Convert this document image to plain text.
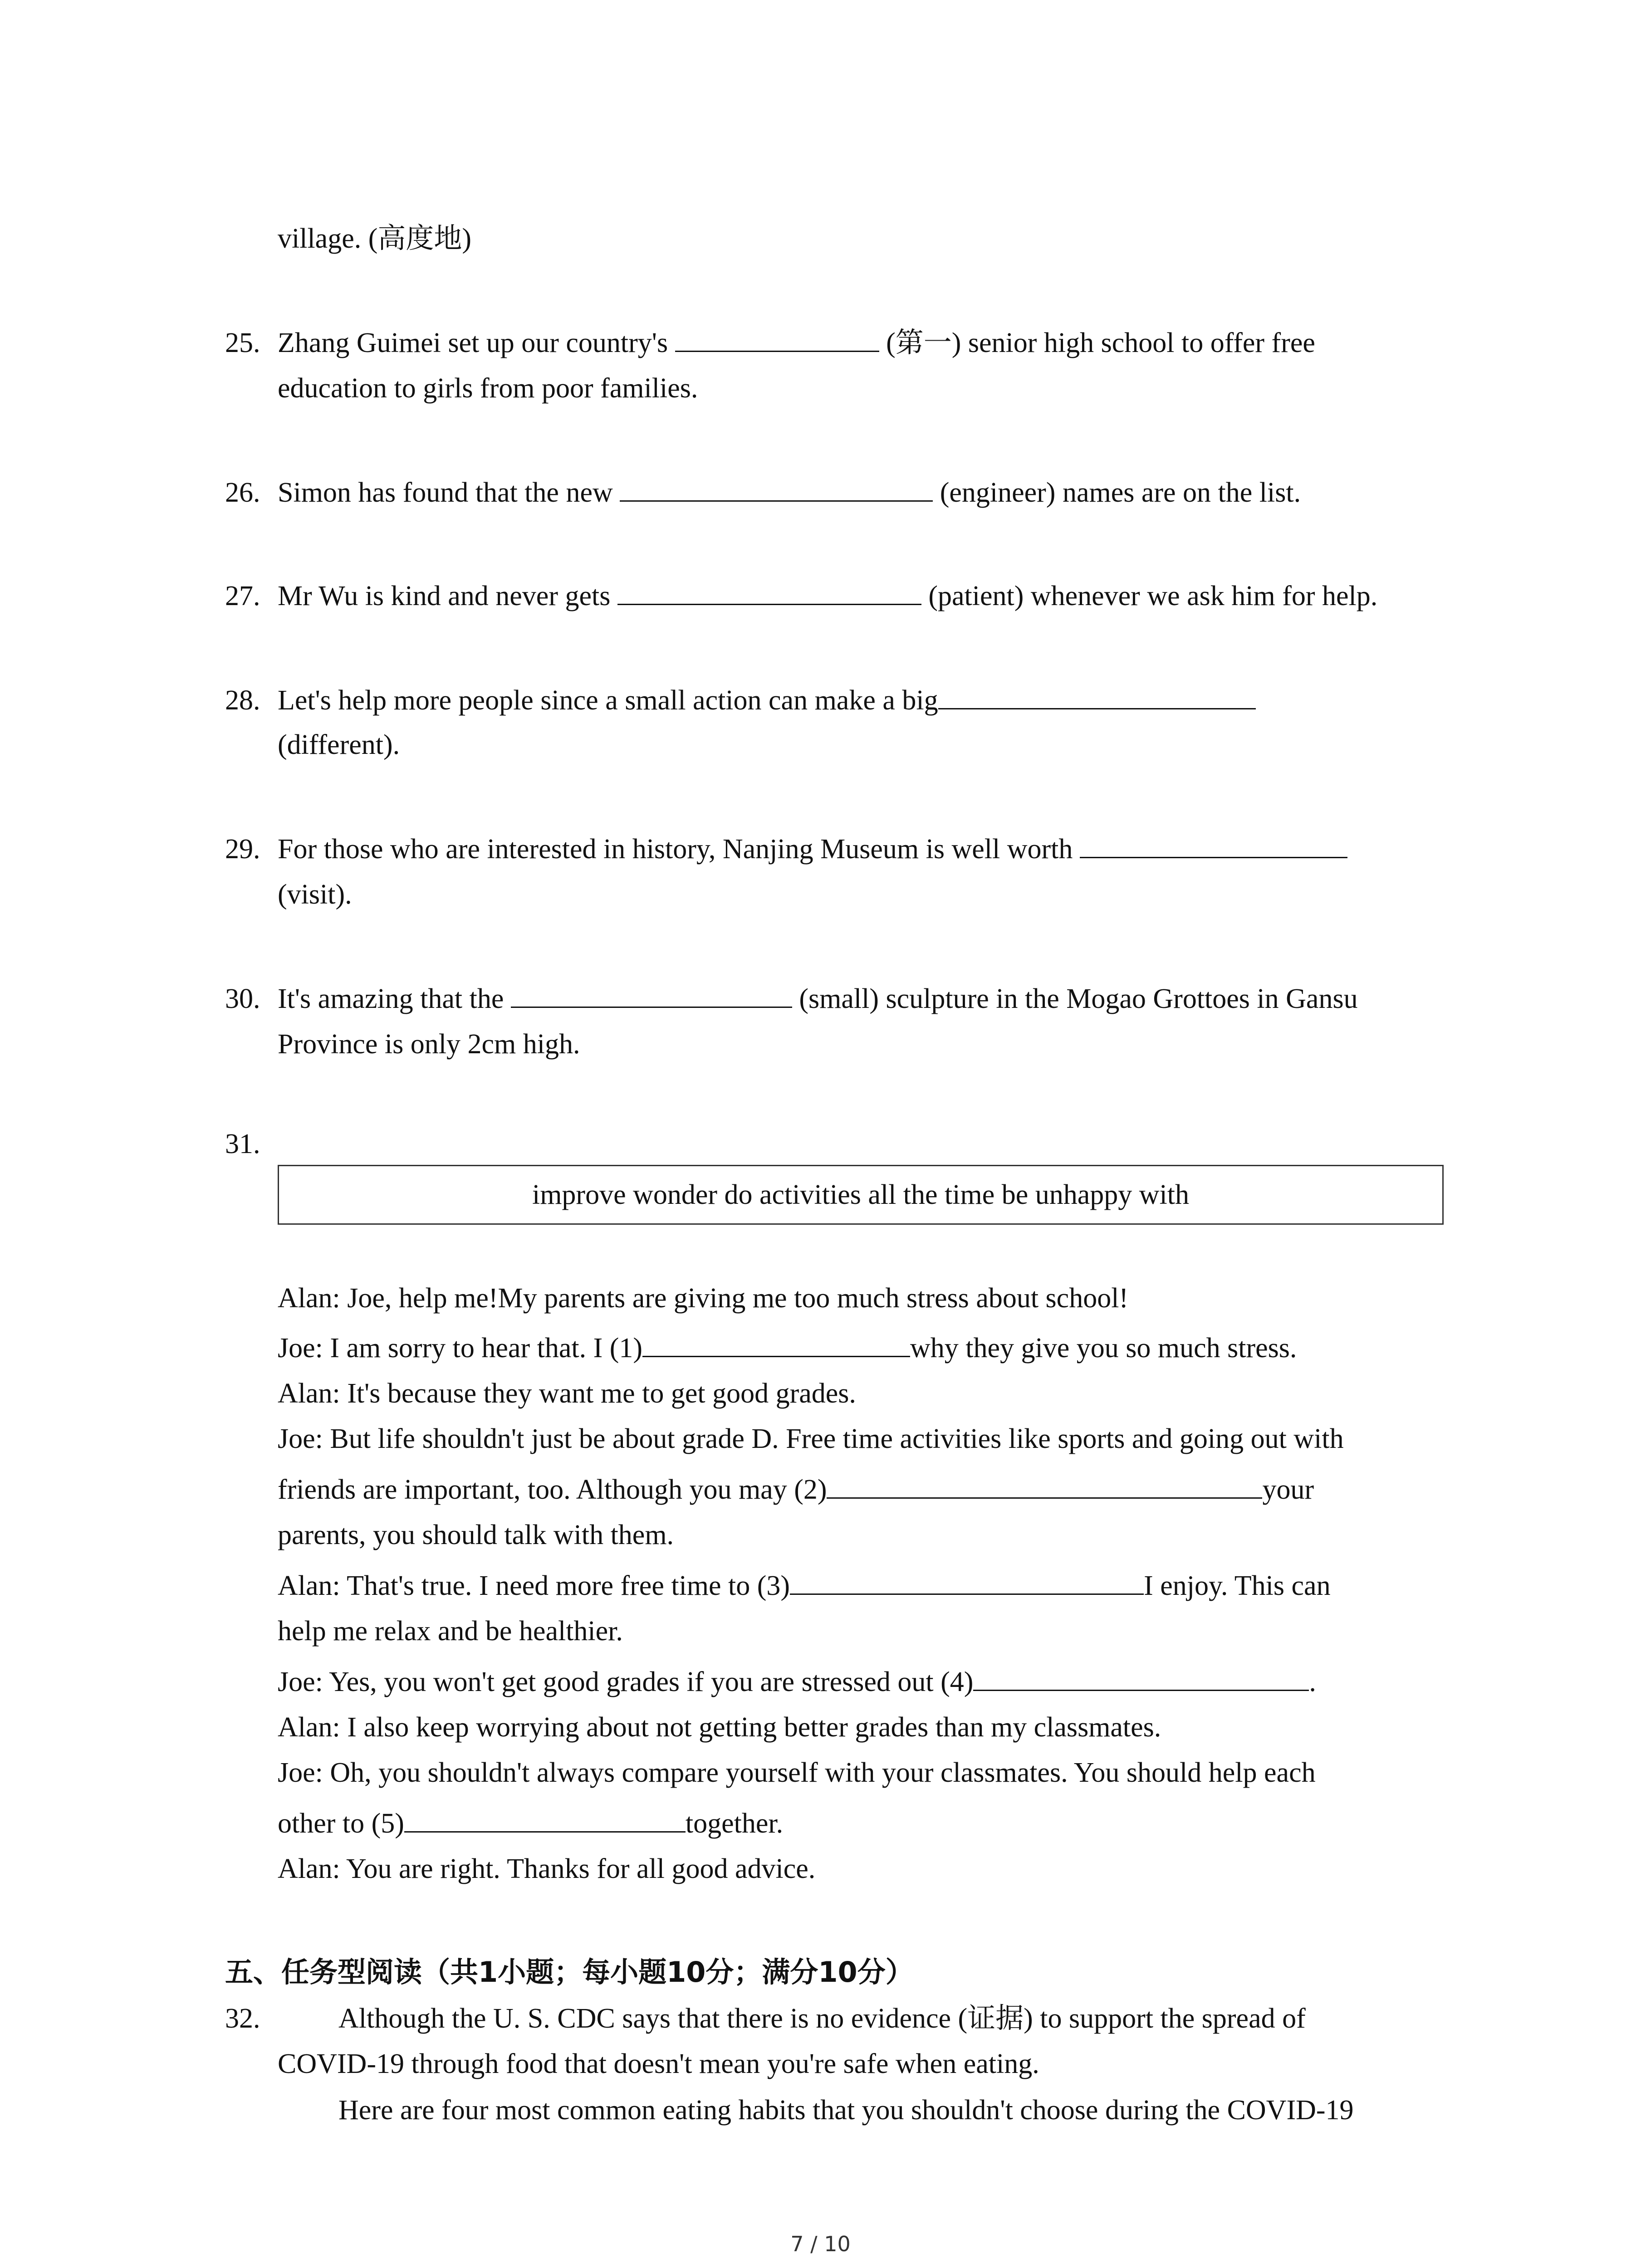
village. (高度地)
25. Zhang Guimei set up our country's	(第一) senior high school to offer free
education to girls from poor families.
26. Simon has found that the new	(engineer) names are on the list.
27. Mr Wu is kind and never gets	(patient) whenever we ask him for help.
28. Let's help more people since a small action can make a big
(different).
29. For those who are interested in history, Nanjing Museum is well worth
(visit).
30. It's amazing that the	(small) sculpture in the Mogao Grottoes in Gansu
Province is only 2cm high.
31.
improve wonder do activities all the time be unhappy with
Alan: Joe, help me!My parents are giving me too much stress about school!
Joe: I am sorry to hear that. I (1)	why they give you so much stress.
Alan: It's because they want me to get good grades.
Joe: But life shouldn't just be about grade D. Free time activities like sports and going out with
friends are important, too. Although you may (2)	your
parents, you should talk with them.
Alan: That's true. I need more free time to (3)	I enjoy. This can
help me relax and be healthier.
Joe: Yes, you won't get good grades if you are stressed out (4)	.
Alan: I also keep worrying about not getting better grades than my classmates.
Joe: Oh, you shouldn't always compare yourself with your classmates. You should help each
other to (5)	together.
Alan: You are right. Thanks for all good advice.
五、任务型阅读（共1小题；每小题10分；满分10分）
32.	Although the U. S. CDC says that there is no evidence (证据) to support the spread of
COVID-19 through food that doesn't mean you're safe when eating.
Here are four most common eating habits that you shouldn't choose during the COVID-19
7 / 10
